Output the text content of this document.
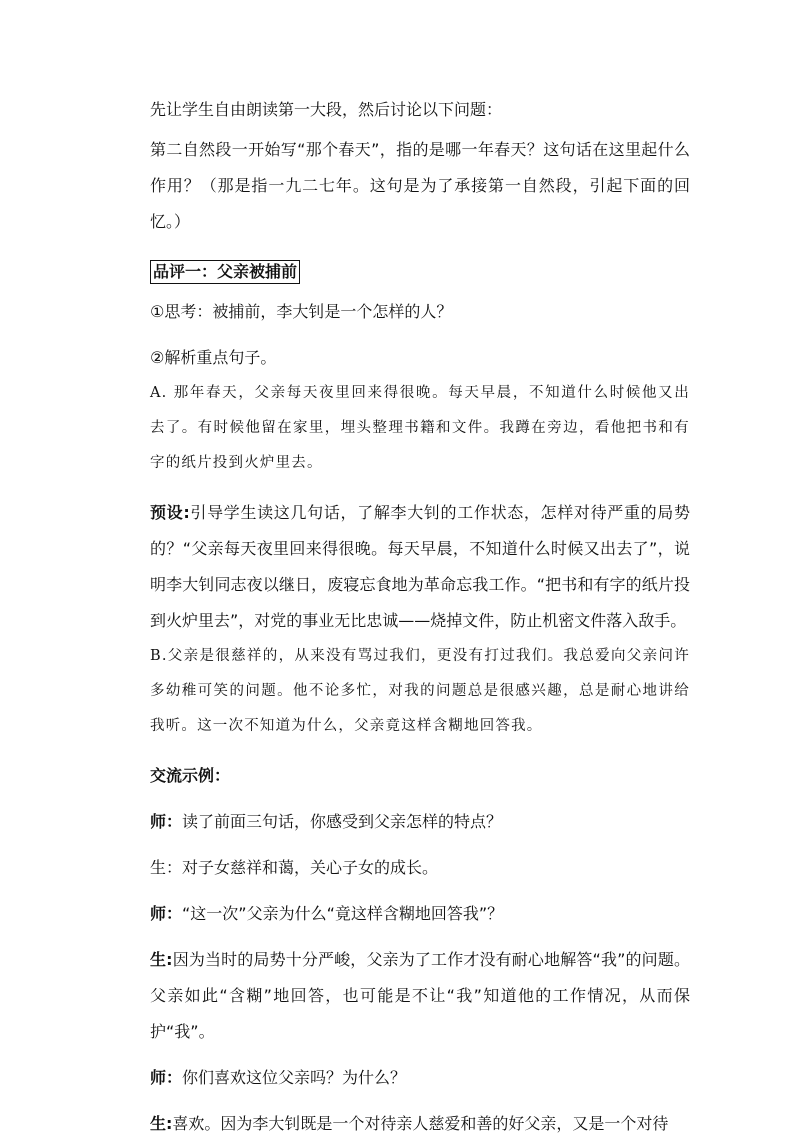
先让学生自由朗读第一大段，然后讨论以下问题：

第二自然段一开始写“那个春天”，指的是哪一年春天？这句话在这里起什么作用？（那是指一九二七年。这句是为了承接第一自然段，引起下面的回忆。）

品评一：父亲被捕前

①思考：被捕前，李大钊是一个怎样的人？

②解析重点句子。

A. 那年春天，父亲每天夜里回来得很晚。每天早晨，不知道什么时候他又出去了。有时候他留在家里，埋头整理书籍和文件。我蹲在旁边，看他把书和有字的纸片投到火炉里去。

预设:引导学生读这几句话，了解李大钊的工作状态，怎样对待严重的局势的？“父亲每天夜里回来得很晚。每天早晨，不知道什么时候又出去了”，说明李大钊同志夜以继日，废寝忘食地为革命忘我工作。“把书和有字的纸片投到火炉里去”，对党的事业无比忠诚——烧掉文件，防止机密文件落入敌手。

B.父亲是很慈祥的，从来没有骂过我们，更没有打过我们。我总爱向父亲问许多幼稚可笑的问题。他不论多忙，对我的问题总是很感兴趣，总是耐心地讲给我听。这一次不知道为什么，父亲竟这样含糊地回答我。

交流示例：

师：读了前面三句话，你感受到父亲怎样的特点？

生：对子女慈祥和蔼，关心子女的成长。

师：“这一次”父亲为什么“竟这样含糊地回答我”？

生:因为当时的局势十分严峻，父亲为了工作才没有耐心地解答“我”的问题。父亲如此“含糊”地回答，也可能是不让“我”知道他的工作情况，从而保护“我”。

师：你们喜欢这位父亲吗？为什么？

生:喜欢。因为李大钊既是一个对待亲人慈爱和善的好父亲，又是一个对待
